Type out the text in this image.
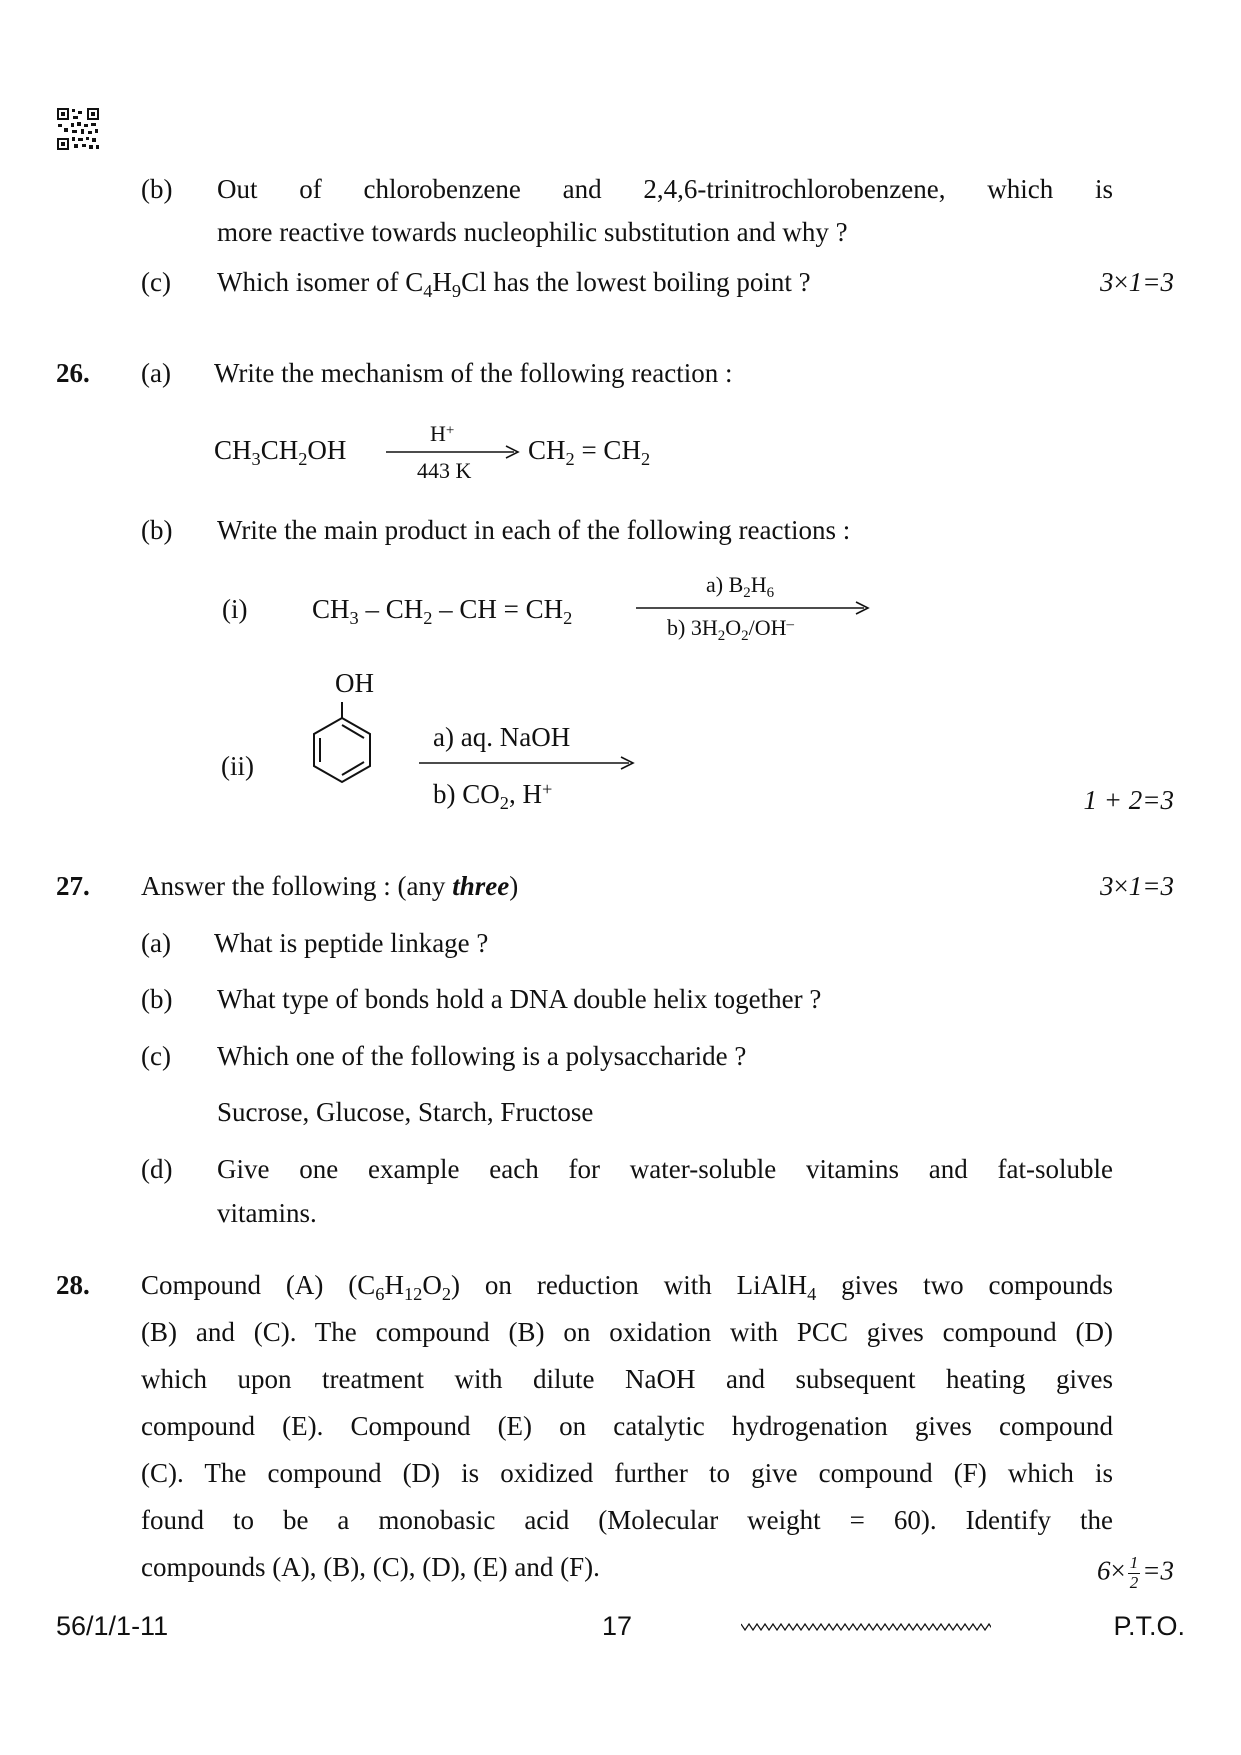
(b) Out of chlorobenzene and 2,4,6-trinitrochlorobenzene, which is
more reactive towards nucleophilic substitution and why ?
(c) Which isomer of $C_4H_9Cl$ has the lowest boiling point ?	3×1=3
26. (a) Write the mechanism of the following reaction :
$CH_3CH_2OH$
H+
443 K
$CH_2 = CH_2$
(b) Write the main product in each of the following reactions :
(i) $CH_3 - CH_2$ – CH = $CH_2$
a) $B_2H_6$
b) $3H_2O_2/OH^-$
OH
(ii)
a) aq. NaOH
b) $CO_2$, H+	1 + 2=3
27. Answer the following : (any three)	3×1=3
(a) What is peptide linkage ?
(b) What type of bonds hold a DNA double helix together ?
(c) Which one of the following is a polysaccharide ?
Sucrose, Glucose, Starch, Fructose
(d) Give one example each for water-soluble vitamins and fat-soluble
vitamins.
28. Compound (A) $(C_6H_{12}O_2)$ on reduction with LiAlH$_4$ gives two compounds
(B) and (C). The compound (B) on oxidation with PCC gives compound (D)
which upon treatment with dilute NaOH and subsequent heating gives
compound (E). Compound (E) on catalytic hydrogenation gives compound
(C). The compound (D) is oxidized further to give compound (F) which is
found to be a monobasic acid (Molecular weight = 60). Identify the
compounds (A), (B), (C), (D), (E) and (F).	$6\times \frac{1}{2} =3$
56/1/1-11	17	P.T.O.
